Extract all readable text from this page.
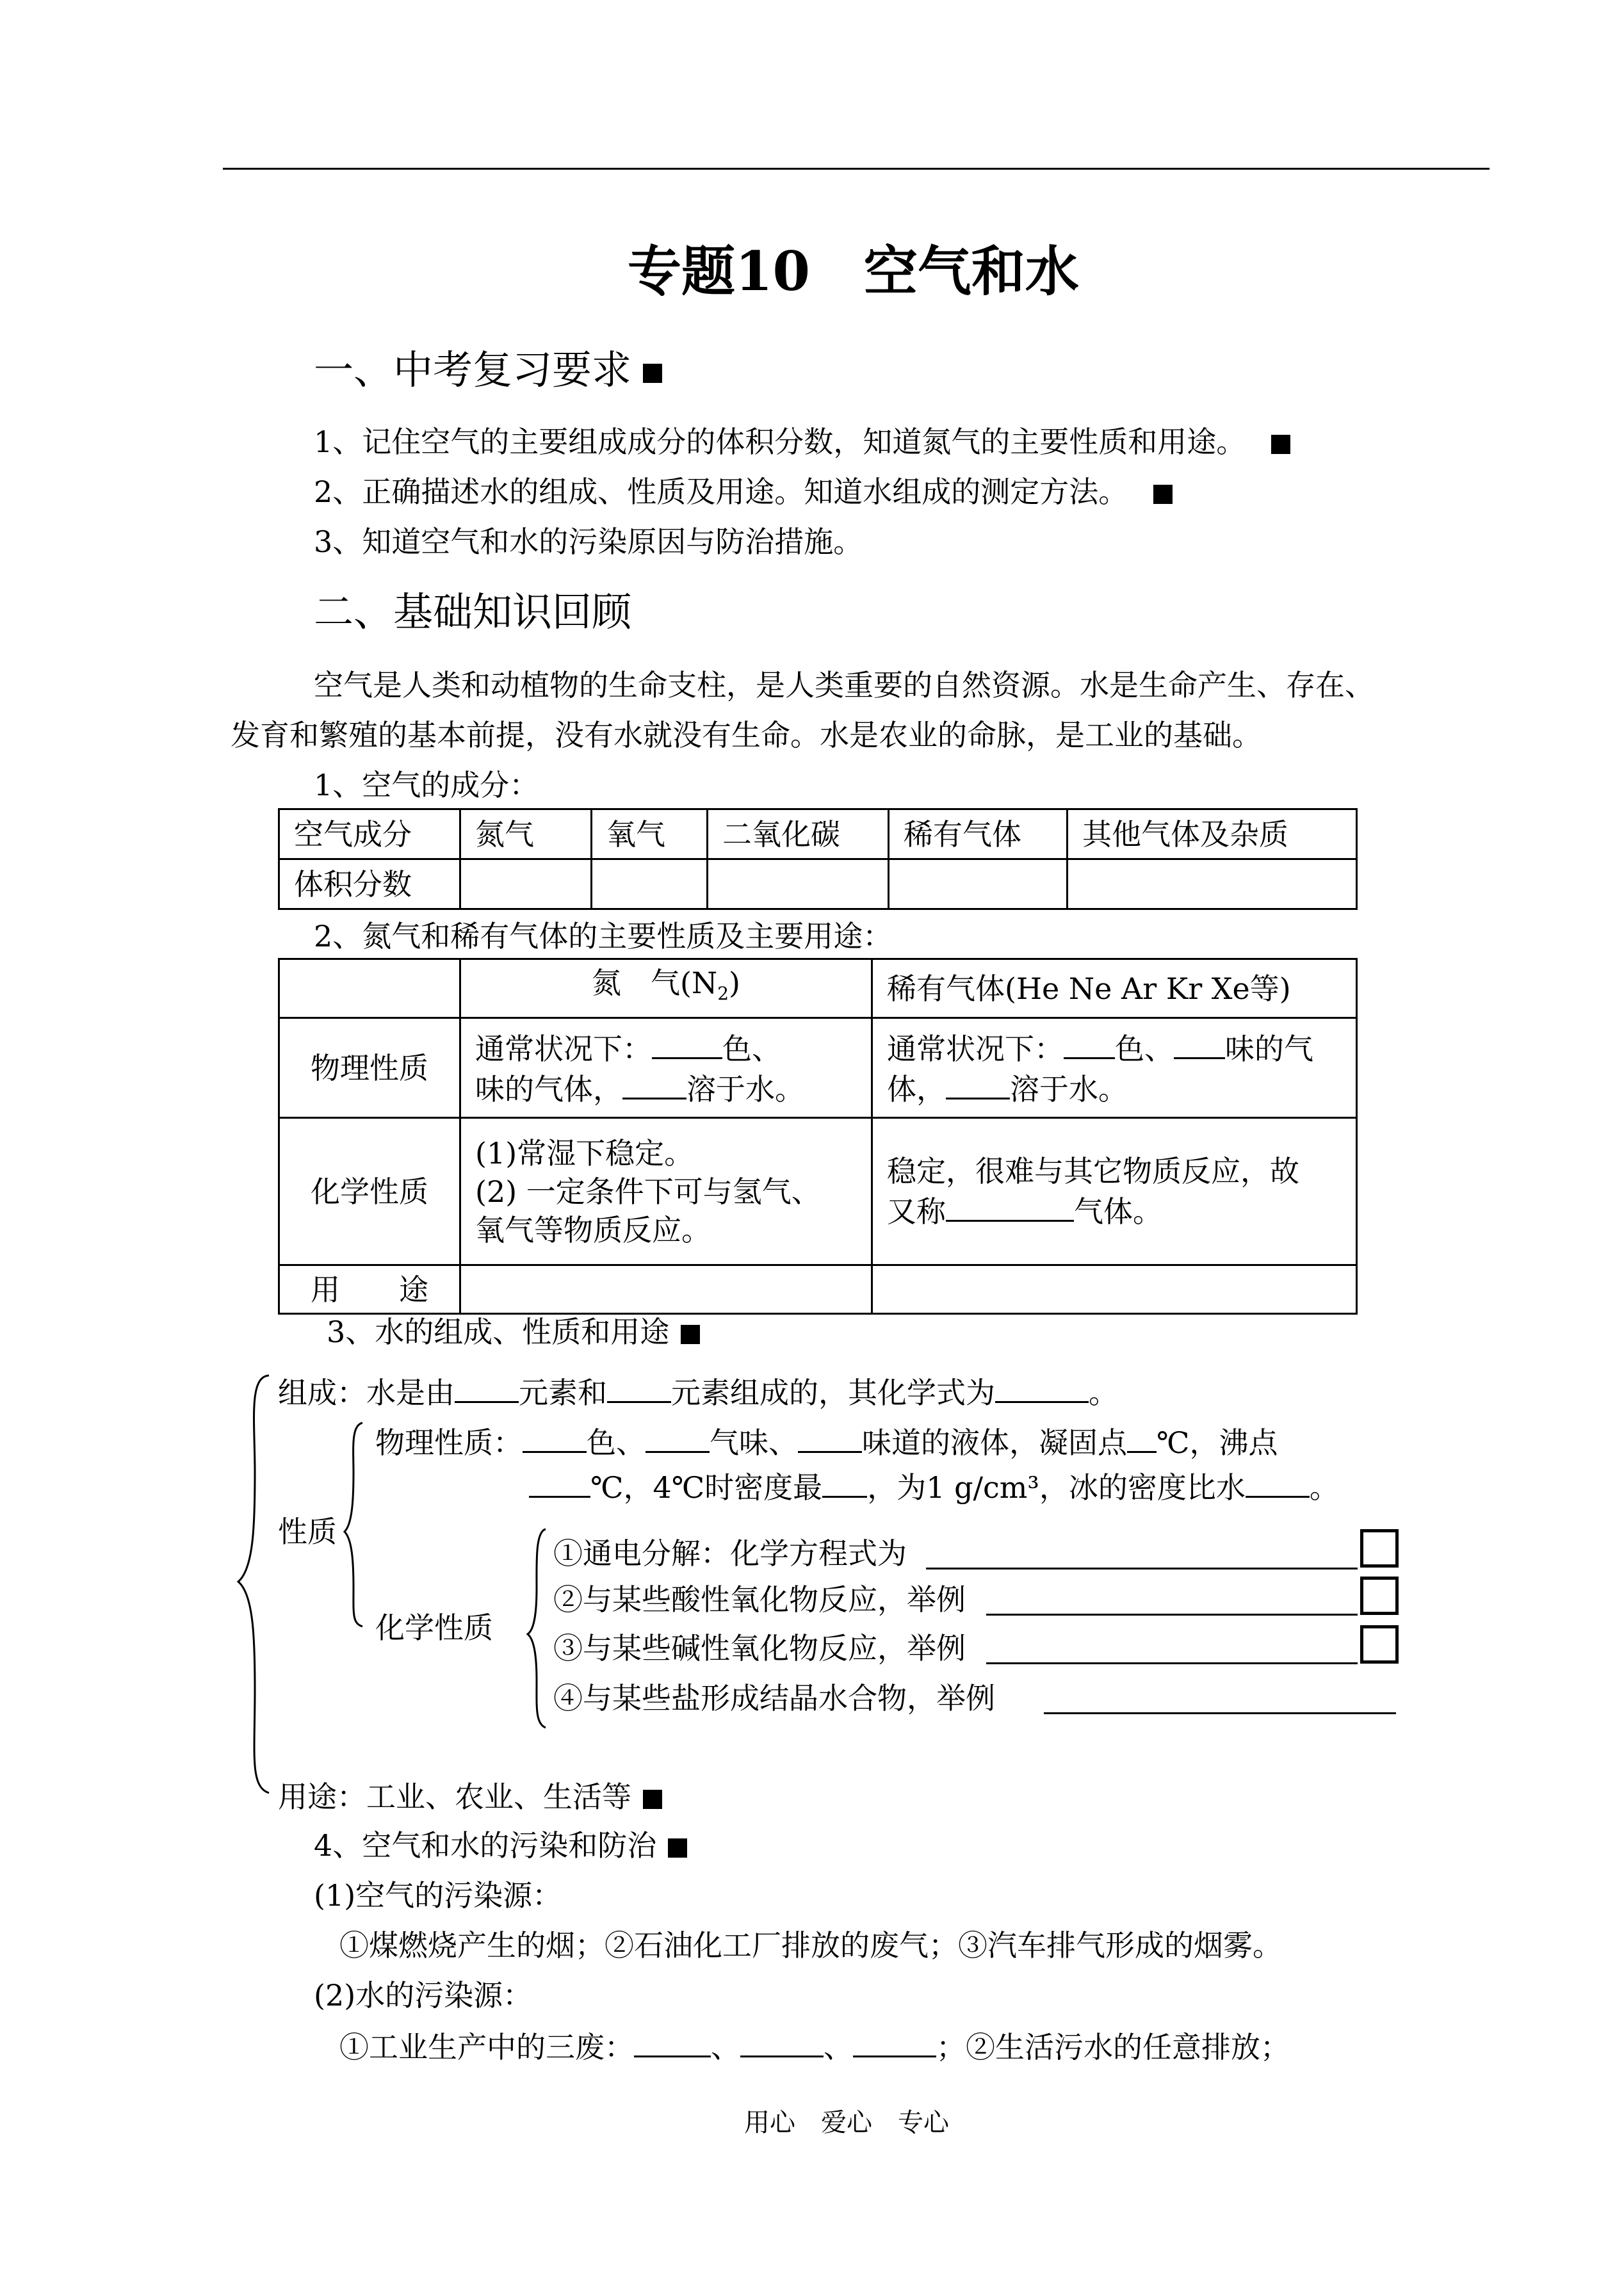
专题10　空气和水
一、中考复习要求
1、记住空气的主要组成成分的体积分数，知道氮气的主要性质和用途。
2、正确描述水的组成、性质及用途。知道水组成的测定方法。
3、知道空气和水的污染原因与防治措施。
二、基础知识回顾
空气是人类和动植物的生命支柱，是人类重要的自然资源。水是生命产生、存在、
发育和繁殖的基本前提，没有水就没有生命。水是农业的命脉，是工业的基础。
1、空气的成分：
空气成分	氮气	氧气	二氧化碳	稀有气体	其他气体及杂质
体积分数					
2、氮气和稀有气体的主要性质及主要用途：
	氮　气$(N_2)$	稀有气体(He Ne Ar Kr Xe等)
物理性质	通常状况下： 色、
味的气体， 溶于水。	通常状况下： 色、 味的气
体， 溶于水。
化学性质	(1)常湿下稳定。
(2) 一定条件下可与氢气、
氧气等物质反应。	稳定，很难与其它物质反应，故
又称 气体。
用　　途		
3、水的组成、性质和用途
组成：水是由 元素和 元素组成的，其化学式为	。
物理性质： 色、 气味、 味道的液体，凝固点 ℃，沸点
℃，4℃时密度最 ，为1 g/cm³，冰的密度比水 。
性质
化学性质
①通电分解：化学方程式为
②与某些酸性氧化物反应，举例
③与某些碱性氧化物反应，举例
④与某些盐形成结晶水合物，举例
用途：工业、农业、生活等
4、空气和水的污染和防治
(1)空气的污染源：
①煤燃烧产生的烟；②石油化工厂排放的废气；③汽车排气形成的烟雾。
(2)水的污染源：
①工业生产中的三废：	、	、	；②生活污水的任意排放；
用心　爱心　专心
